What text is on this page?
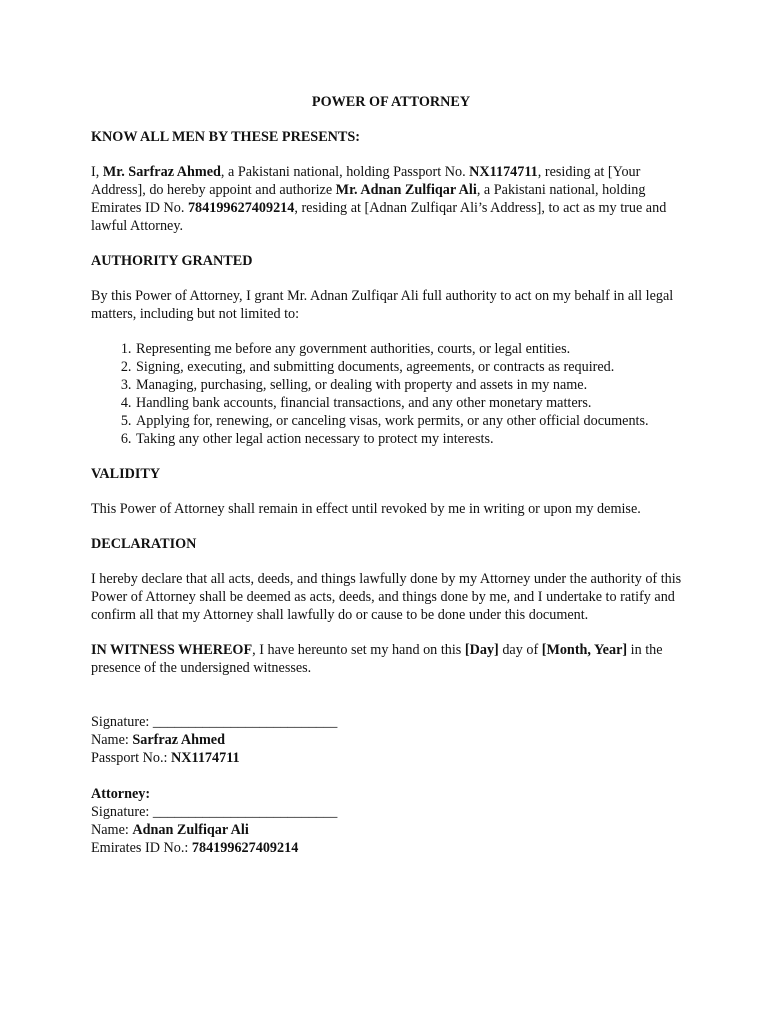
POWER OF ATTORNEY

KNOW ALL MEN BY THESE PRESENTS:

I, Mr. Sarfraz Ahmed, a Pakistani national, holding Passport No. NX1174711, residing at [Your Address], do hereby appoint and authorize Mr. Adnan Zulfiqar Ali, a Pakistani national, holding Emirates ID No. 784199627409214, residing at [Adnan Zulfiqar Ali’s Address], to act as my true and lawful Attorney.

AUTHORITY GRANTED

By this Power of Attorney, I grant Mr. Adnan Zulfiqar Ali full authority to act on my behalf in all legal matters, including but not limited to:

1. Representing me before any government authorities, courts, or legal entities.
2. Signing, executing, and submitting documents, agreements, or contracts as required.
3. Managing, purchasing, selling, or dealing with property and assets in my name.
4. Handling bank accounts, financial transactions, and any other monetary matters.
5. Applying for, renewing, or canceling visas, work permits, or any other official documents.
6. Taking any other legal action necessary to protect my interests.

VALIDITY

This Power of Attorney shall remain in effect until revoked by me in writing or upon my demise.

DECLARATION

I hereby declare that all acts, deeds, and things lawfully done by my Attorney under the authority of this Power of Attorney shall be deemed as acts, deeds, and things done by me, and I undertake to ratify and confirm all that my Attorney shall lawfully do or cause to be done under this document.

IN WITNESS WHEREOF, I have hereunto set my hand on this [Day] day of [Month, Year] in the presence of the undersigned witnesses.

Signature: __________________________
Name: Sarfraz Ahmed
Passport No.: NX1174711
Attorney:
Signature: __________________________
Name: Adnan Zulfiqar Ali
Emirates ID No.: 784199627409214
